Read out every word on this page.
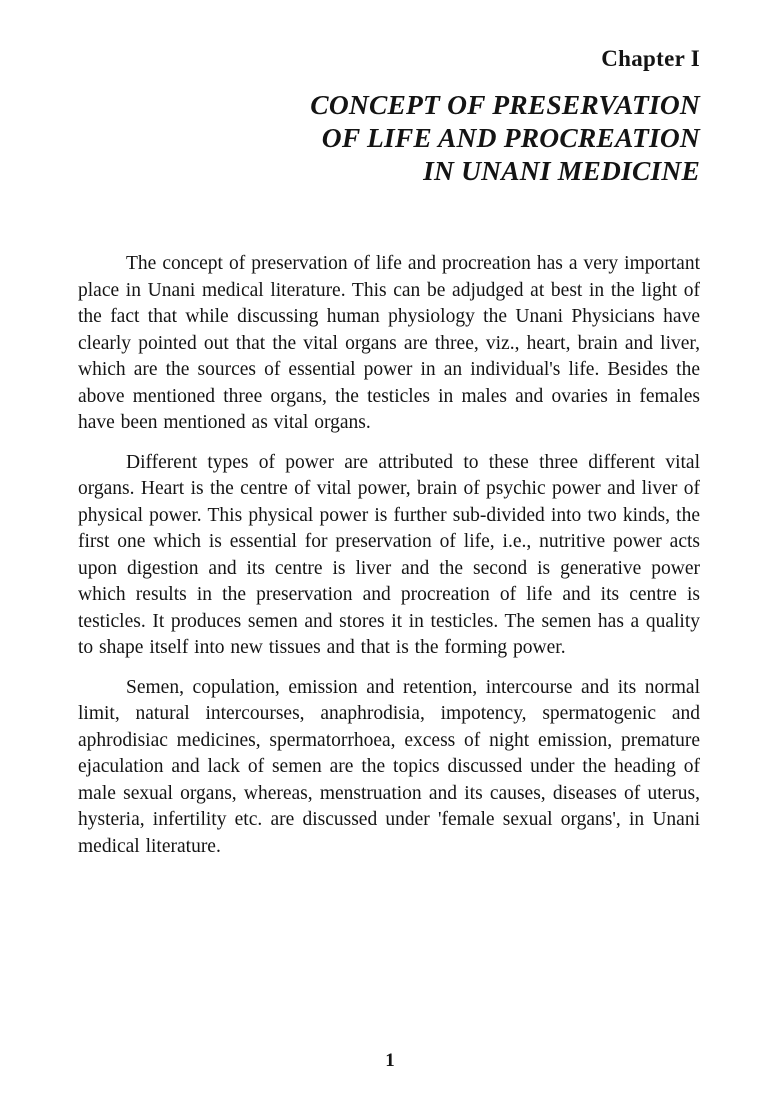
Chapter I
CONCEPT OF PRESERVATION
OF LIFE AND PROCREATION
IN UNANI MEDICINE

The concept of preservation of life and procreation has a very important place in Unani medical literature. This can be adjudged at best in the light of the fact that while discussing human physiology the Unani Physicians have clearly pointed out that the vital organs are three, viz., heart, brain and liver, which are the sources of essential power in an individual's life. Besides the above mentioned three organs, the testicles in males and ovaries in females have been mentioned as vital organs.

Different types of power are attributed to these three different vital organs. Heart is the centre of vital power, brain of psychic power and liver of physical power. This physical power is further sub-divided into two kinds, the first one which is essential for preservation of life, i.e., nutritive power acts upon digestion and its centre is liver and the second is generative power which results in the preservation and procreation of life and its centre is testicles. It produces semen and stores it in testicles. The semen has a quality to shape itself into new tissues and that is the forming power.

Semen, copulation, emission and retention, intercourse and its normal limit, natural intercourses, anaphrodisia, impotency, spermatogenic and aphrodisiac medicines, spermatorrhoea, excess of night emission, premature ejaculation and lack of semen are the topics discussed under the heading of male sexual organs, whereas, menstruation and its causes, diseases of uterus, hysteria, infertility etc. are discussed under 'female sexual organs', in Unani medical literature.

1
